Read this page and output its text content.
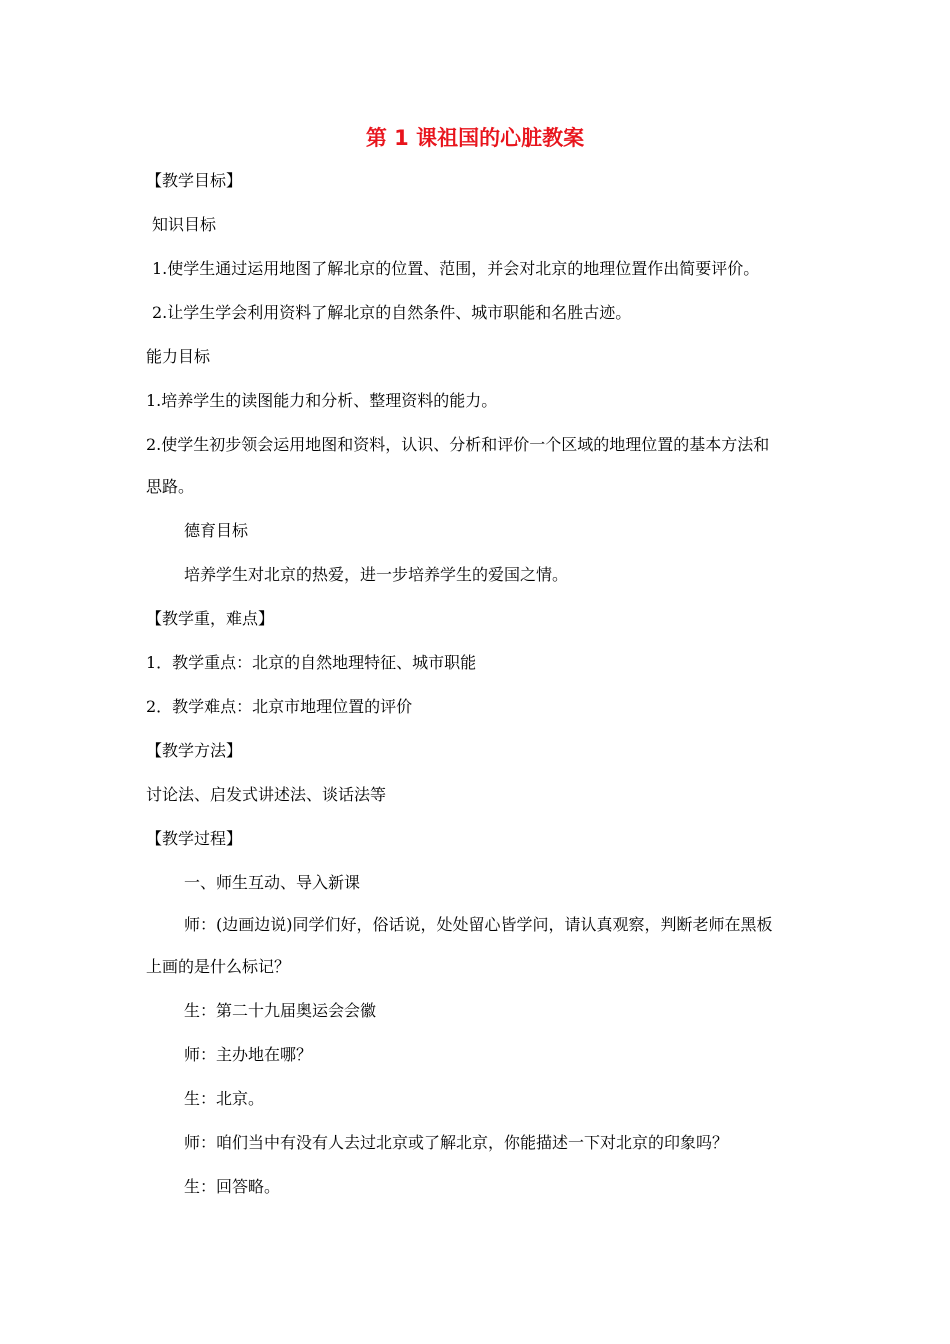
第 1 课祖国的心脏教案
【教学目标】
知识目标
1.使学生通过运用地图了解北京的位置、范围，并会对北京的地理位置作出简要评价。
2.让学生学会利用资料了解北京的自然条件、城市职能和名胜古迹。
能力目标
1.培养学生的读图能力和分析、整理资料的能力。
2.使学生初步领会运用地图和资料，认识、分析和评价一个区域的地理位置的基本方法和
思路。
德育目标
培养学生对北京的热爱，进一步培养学生的爱国之情。
【教学重，难点】
1．教学重点：北京的自然地理特征、城市职能
2．教学难点：北京市地理位置的评价
【教学方法】
讨论法、启发式讲述法、谈话法等
【教学过程】
一、师生互动、导入新课
师：(边画边说)同学们好，俗话说，处处留心皆学问，请认真观察，判断老师在黑板
上画的是什么标记？
生：第二十九届奥运会会徽
师：主办地在哪？
生：北京。
师：咱们当中有没有人去过北京或了解北京，你能描述一下对北京的印象吗？
生：回答略。
